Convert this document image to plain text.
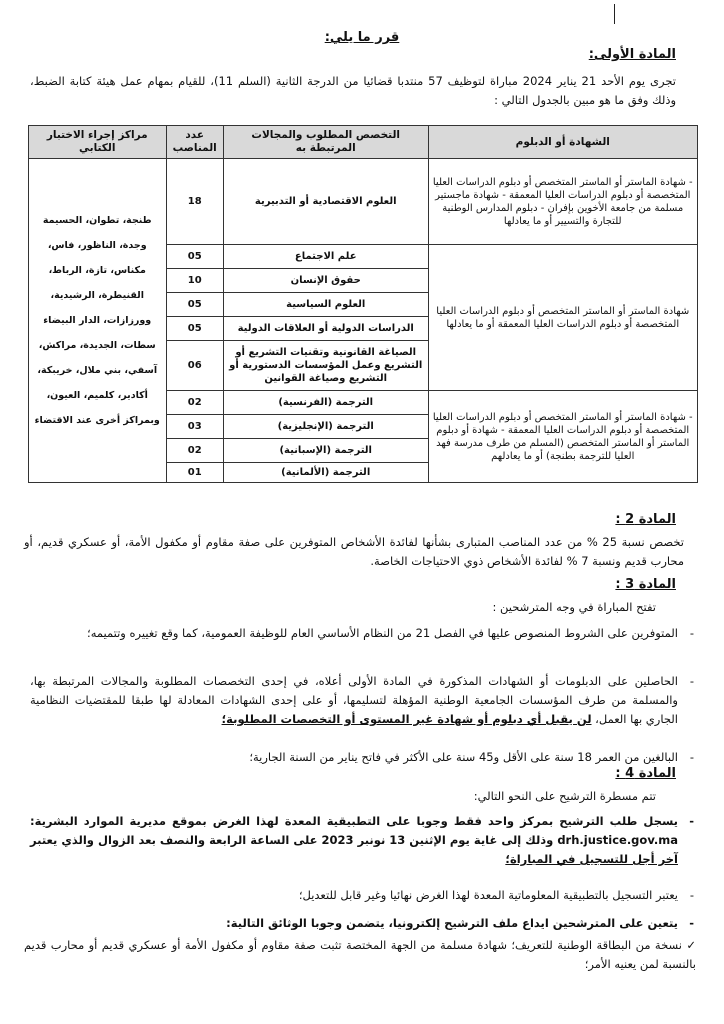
قرر ما يلي:
المادة الأولى:
تجرى يوم الأحد 21 يناير 2024 مباراة لتوظيف 57 منتدبا قضائيا من الدرجة الثانية (السلم 11)، للقيام بمهام عمل هيئة كتابة الضبط، وذلك وفق ما هو مبين بالجدول التالي :
الشهادة أو الدبلوم	التخصص المطلوب والمجالات المرتبطة به	عدد المناصب	مراكز إجراء الاختبار الكتابي
- شهادة الماستر أو الماستر المتخصص أو دبلوم الدراسات العليا المتخصصة أو دبلوم الدراسات العليا المعمقة - شهادة ماجستير مسلمة من جامعة الأخوين بإفران - دبلوم المدارس الوطنية للتجارة والتسيير أو ما يعادلها	العلوم الاقتصادية أو التدبيرية	18	طنجة، تطوان، الحسيمة وجدة، الناظور، فاس، مكناس، تازة، الرباط، القنيطرة، الرشيدية، وورزازات، الدار البيضاء سطات، الجديدة، مراكش، آسفي، بني ملال، خريبكة، أكادير، كلميم، العيون، وبمراكز أخرى عند الاقتضاء
شهادة الماستر أو الماستر المتخصص أو دبلوم الدراسات العليا المتخصصة أو دبلوم الدراسات العليا المعمقة أو ما يعادلها	علم الاجتماع	05	
	حقوق الإنسان	10	
	العلوم السياسية	05	
	الدراسات الدولية أو العلاقات الدولية	05	
	الصياغة القانونية وتقنيات التشريع أو التشريع وعمل المؤسسات الدستورية أو التشريع وصياغة القوانين	06	
- شهادة الماستر أو الماستر المتخصص أو دبلوم الدراسات العليا المتخصصة أو دبلوم الدراسات العليا المعمقة - شهادة أو دبلوم الماستر أو الماستر المتخصص (المسلم من طرف مدرسة فهد العليا للترجمة بطنجة) أو ما يعادلهم	الترجمة (الفرنسية)	02	
	الترجمة (الإنجليزية)	03	
	الترجمة (الإسبانية)	02	
	الترجمة (الألمانية)	01	
المادة 2 :
تخصص نسبة 25 % من عدد المناصب المتبارى بشأنها لفائدة الأشخاص المتوفرين على صفة مقاوم أو مكفول الأمة، أو عسكري قديم، أو محارب قديم ونسبة 7 % لفائدة الأشخاص ذوي الاحتياجات الخاصة.
المادة 3 :
تفتح المباراة في وجه المترشحين :
- المتوفرين على الشروط المنصوص عليها في الفصل 21 من النظام الأساسي العام للوظيفة العمومية، كما وقع تغييره وتتميمه؛
- الحاصلين على الدبلومات أو الشهادات المذكورة في المادة الأولى أعلاه، في إحدى التخصصات المطلوبة والمجالات المرتبطة بها، والمسلمة من طرف المؤسسات الجامعية الوطنية المؤهلة لتسليمها، أو على إحدى الشهادات المعادلة لها طبقا للمقتضيات النظامية الجاري بها العمل، لن يقبل أي دبلوم أو شهادة غير المستوى أو التخصصات المطلوبة؛
- البالغين من العمر 18 سنة على الأقل و45 سنة على الأكثر في فاتح يناير من السنة الجارية؛
المادة 4 :
تتم مسطرة الترشيح على النحو التالي:
- يسجل طلب الترشيح بمركز واحد فقط وجوبا على التطبيقية المعدة لهذا الغرض بموقع مديرية الموارد البشرية: drh.justice.gov.ma وذلك إلى غاية يوم الإثنين 13 نونبر 2023 على الساعة الرابعة والنصف بعد الزوال والذي يعتبر آخر أجل للتسجيل في المباراة؛
- يعتبر التسجيل بالتطبيقية المعلوماتية المعدة لهذا الغرض نهائيا وغير قابل للتعديل؛
- يتعين على المترشحين ايداع ملف الترشيح إلكترونيا، يتضمن وجوبا الوثائق التالية:
✓ نسخة من البطاقة الوطنية للتعريف؛ شهادة مسلمة من الجهة المختصة تثبت صفة مقاوم أو مكفول الأمة أو عسكري قديم أو محارب قديم بالنسبة لمن يعنيه الأمر؛
